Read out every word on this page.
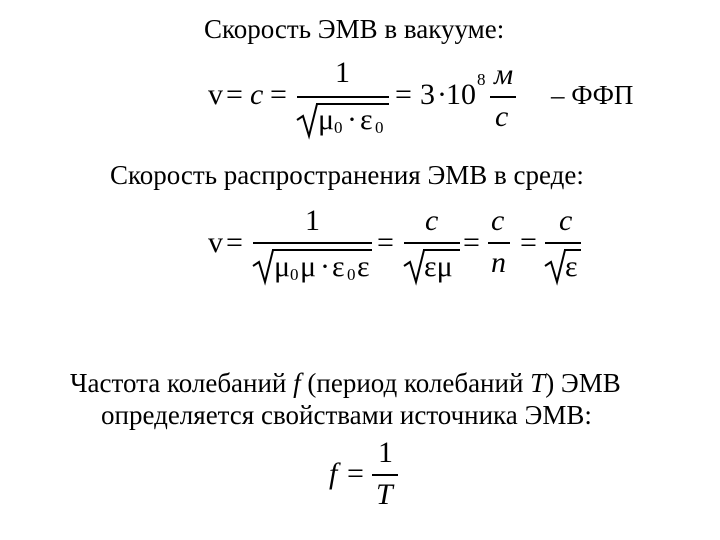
Скорость ЭМВ в вакууме:
v = c =
1
μ 0 · ε 0
= 3 · 10 8 м
с
– ФФП
Скорость распространения ЭМВ в среде:
v =
1
μ 0 μ · ε 0 ε
=
c
εμ
=
c
n
=
c
ε
Частота колебаний f (период колебаний T) ЭМВ
определяется свойствами источника ЭМВ:
f =
1
T
